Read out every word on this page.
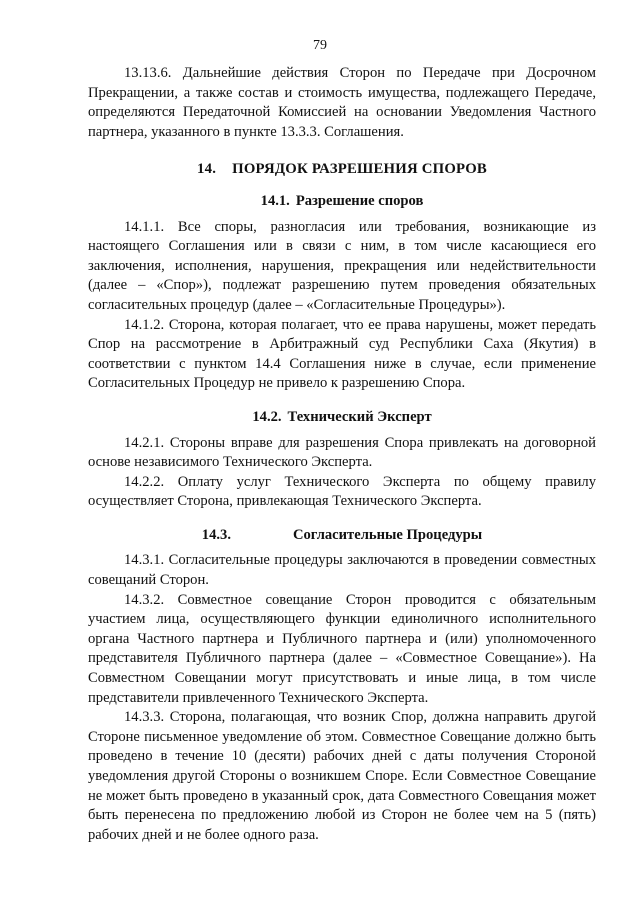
79

13.13.6. Дальнейшие действия Сторон по Передаче при Досрочном Прекращении, а также состав и стоимость имущества, подлежащего Передаче, определяются Передаточной Комиссией на основании Уведомления Частного партнера, указанного в пункте 13.3.3. Соглашения.

14. ПОРЯДОК РАЗРЕШЕНИЯ СПОРОВ
14.1. Разрешение споров

14.1.1. Все споры, разногласия или требования, возникающие из настоящего Соглашения или в связи с ним, в том числе касающиеся его заключения, исполнения, нарушения, прекращения или недействительности (далее – «Спор»), подлежат разрешению путем проведения обязательных согласительных процедур (далее – «Согласительные Процедуры»).

14.1.2. Сторона, которая полагает, что ее права нарушены, может передать Спор на рассмотрение в Арбитражный суд Республики Саха (Якутия) в соответствии с пунктом 14.4 Соглашения ниже в случае, если применение Согласительных Процедур не привело к разрешению Спора.

14.2. Технический Эксперт

14.2.1. Стороны вправе для разрешения Спора привлекать на договорной основе независимого Технического Эксперта.

14.2.2. Оплату услуг Технического Эксперта по общему правилу осуществляет Сторона, привлекающая Технического Эксперта.

14.3.	Согласительные Процедуры

14.3.1. Согласительные процедуры заключаются в проведении совместных совещаний Сторон.

14.3.2. Совместное совещание Сторон проводится с обязательным участием лица, осуществляющего функции единоличного исполнительного органа Частного партнера и Публичного партнера и (или) уполномоченного представителя Публичного партнера (далее – «Совместное Совещание»). На Совместном Совещании могут присутствовать и иные лица, в том числе представители привлеченного Технического Эксперта.

14.3.3. Сторона, полагающая, что возник Спор, должна направить другой Стороне письменное уведомление об этом. Совместное Совещание должно быть проведено в течение 10 (десяти) рабочих дней с даты получения Стороной уведомления другой Стороны о возникшем Споре. Если Совместное Совещание не может быть проведено в указанный срок, дата Совместного Совещания может быть перенесена по предложению любой из Сторон не более чем на 5 (пять) рабочих дней и не более одного раза.
